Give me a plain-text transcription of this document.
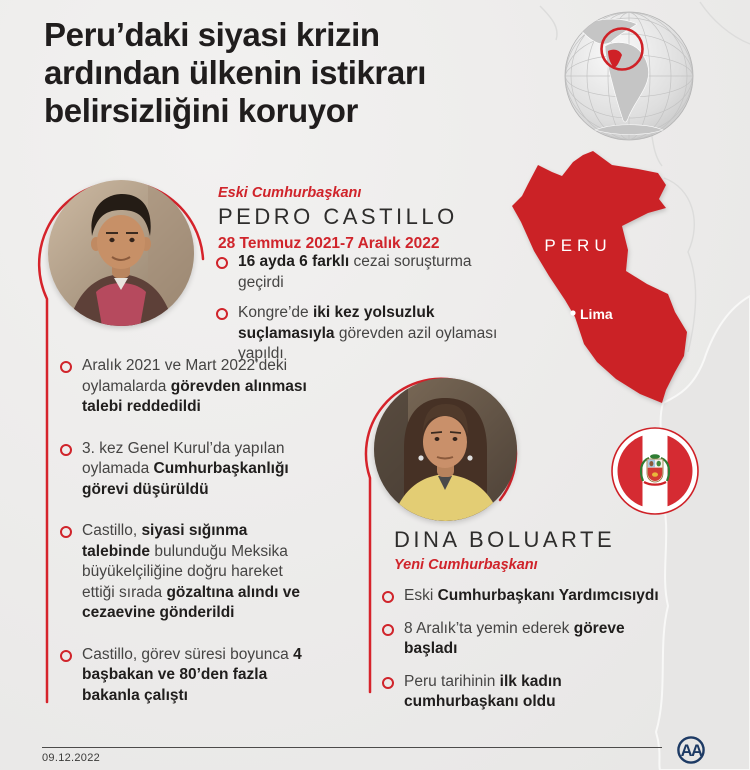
PERU
Lima
Peru’daki siyasi krizin
ardından ülkenin istikrarı
belirsizliğini koruyor
Eski Cumhurbaşkanı
PEDRO CASTILLO
28 Temmuz 2021-7 Aralık 2022

16 ayda 6 farklı cezai soruşturma geçirdi

Kongre’de iki kez yolsuzluk suçlamasıyla görevden azil oylaması yapıldı

Aralık 2021 ve Mart 2022’deki oylamalarda görevden alınması talebi reddedildi

3. kez Genel Kurul’da yapılan oylamada Cumhurbaşkanlığı görevi düşürüldü

Castillo, siyasi sığınma talebinde bulunduğu Meksika büyükelçiliğine doğru hareket ettiği sırada gözaltına alındı ve cezaevine gönderildi

Castillo, görev süresi boyunca 4 başbakan ve 80’den fazla bakanla çalıştı

DINA BOLUARTE
Yeni Cumhurbaşkanı

Eski Cumhurbaşkanı Yardımcısıydı

8 Aralık’ta yemin ederek göreve başladı

Peru tarihinin ilk kadın cumhurbaşkanı oldu

09.12.2022	AA
